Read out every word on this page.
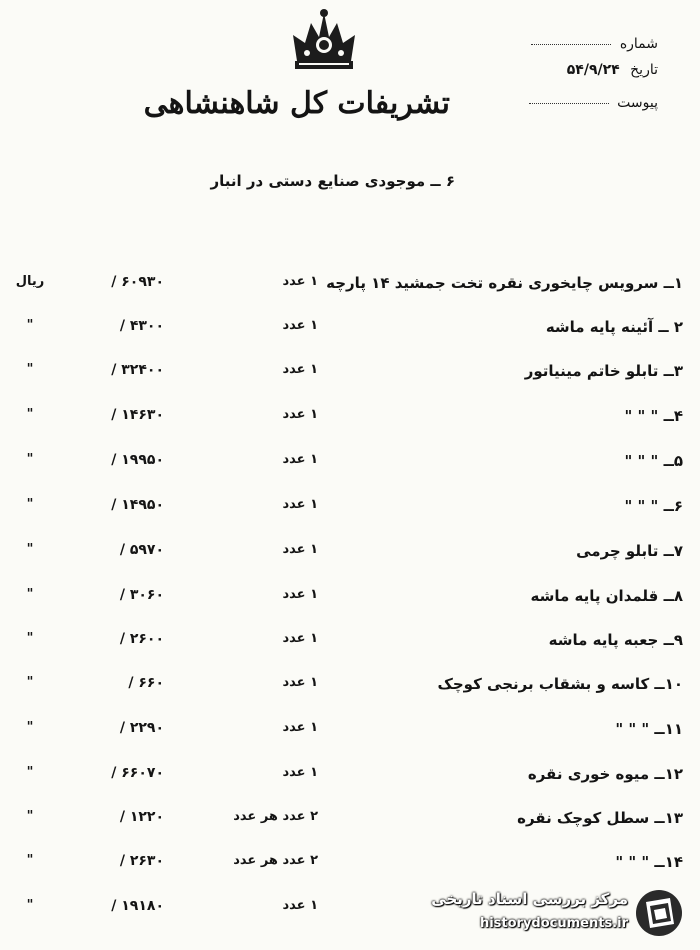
تشریفات کل شاهنشاهی
شماره
تاریخ ۵۴/۹/۲۴
پیوست
۶ ــ موجودی صنایع دستی در انبار
۱ــ سرویس چایخوری نقره تخت جمشید ۱۴ پارچه
۱ عدد
۶۰۹۳۰ /
ریال
۲ ــ آئینه پایه ماشه
۱ عدد
۴۳۰۰ /
"
۳ــ تابلو خاتم مینیاتور
۱ عدد
۳۲۴۰۰ /
"
۴ــ " " "
۱ عدد
۱۴۶۳۰ /
"
۵ــ " " "
۱ عدد
۱۹۹۵۰ /
"
۶ــ " " "
۱ عدد
۱۴۹۵۰ /
"
۷ــ تابلو چرمی
۱ عدد
۵۹۷۰ /
"
۸ــ قلمدان پایه ماشه
۱ عدد
۳۰۶۰ /
"
۹ــ جعبه پایه ماشه
۱ عدد
۲۶۰۰ /
"
۱۰ــ کاسه و بشقاب برنجی کوچک
۱ عدد
۶۶۰ /
"
۱۱ــ " " "
۱ عدد
۲۲۹۰ /
"
۱۲ــ میوه خوری نقره
۱ عدد
۶۶۰۷۰ /
"
۱۳ــ سطل کوچک نقره
۲ عدد هر عدد
۱۲۲۰ /
"
۱۴ــ " " "
۲ عدد هر عدد
۲۶۳۰ /
"
۱ عدد
۱۹۱۸۰ /
"	مرکز بررسی اسناد تاریخی
historydocuments.ir
